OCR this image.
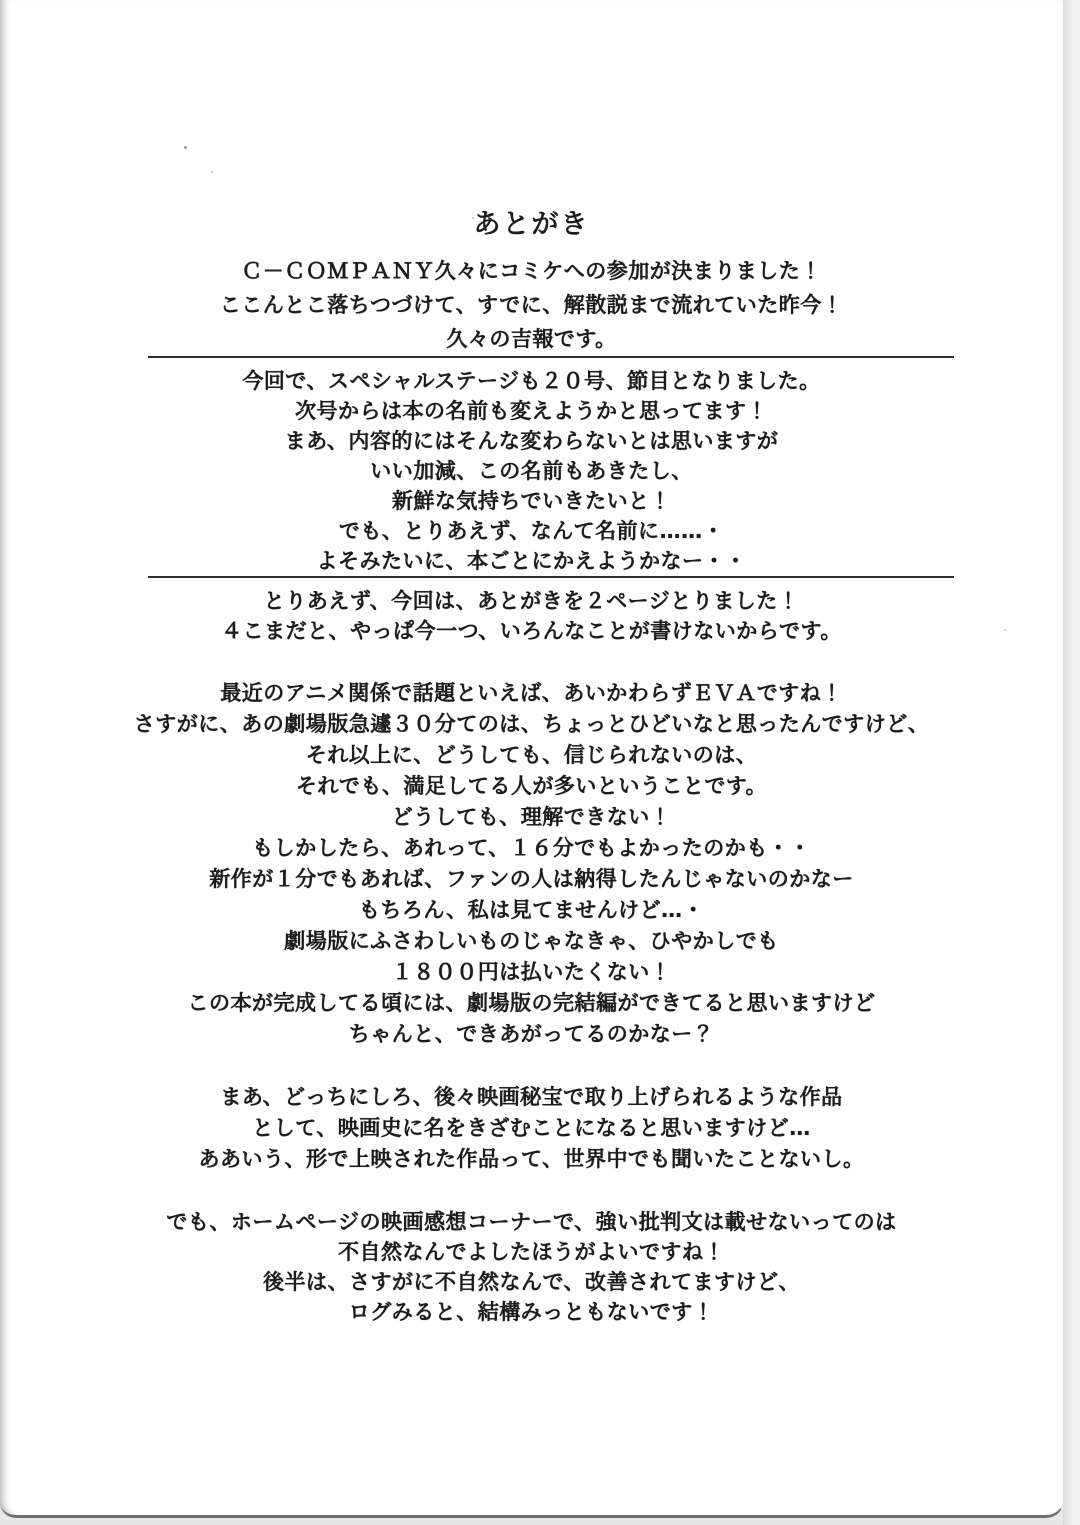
あとがき
Ｃ－ＣＯＭＰＡＮＹ久々にコミケへの参加が決まりました！
ここんとこ落ちつづけて、すでに、解散説まで流れていた昨今！
久々の吉報です。
今回で、スペシャルステージも２０号、節目となりました。
次号からは本の名前も変えようかと思ってます！
まあ、内容的にはそんな変わらないとは思いますが
いい加減、この名前もあきたし、
新鮮な気持ちでいきたいと！
でも、とりあえず、なんて名前に……・
よそみたいに、本ごとにかえようかなー・・
とりあえず、今回は、あとがきを２ページとりました！
４こまだと、やっぱ今一つ、いろんなことが書けないからです。
最近のアニメ関係で話題といえば、あいかわらずＥＶＡですね！
さすがに、あの劇場版急遽３０分てのは、ちょっとひどいなと思ったんですけど、
それ以上に、どうしても、信じられないのは、
それでも、満足してる人が多いということです。
どうしても、理解できない！
もしかしたら、あれって、１６分でもよかったのかも・・
新作が１分でもあれば、ファンの人は納得したんじゃないのかなー
もちろん、私は見てませんけど…・
劇場版にふさわしいものじゃなきゃ、ひやかしでも
１８００円は払いたくない！
この本が完成してる頃には、劇場版の完結編ができてると思いますけど
ちゃんと、できあがってるのかなー？
まあ、どっちにしろ、後々映画秘宝で取り上げられるような作品
として、映画史に名をきざむことになると思いますけど…
ああいう、形で上映された作品って、世界中でも聞いたことないし。
でも、ホームページの映画感想コーナーで、強い批判文は載せないってのは
不自然なんでよしたほうがよいですね！
後半は、さすがに不自然なんで、改善されてますけど、
ログみると、結構みっともないです！
